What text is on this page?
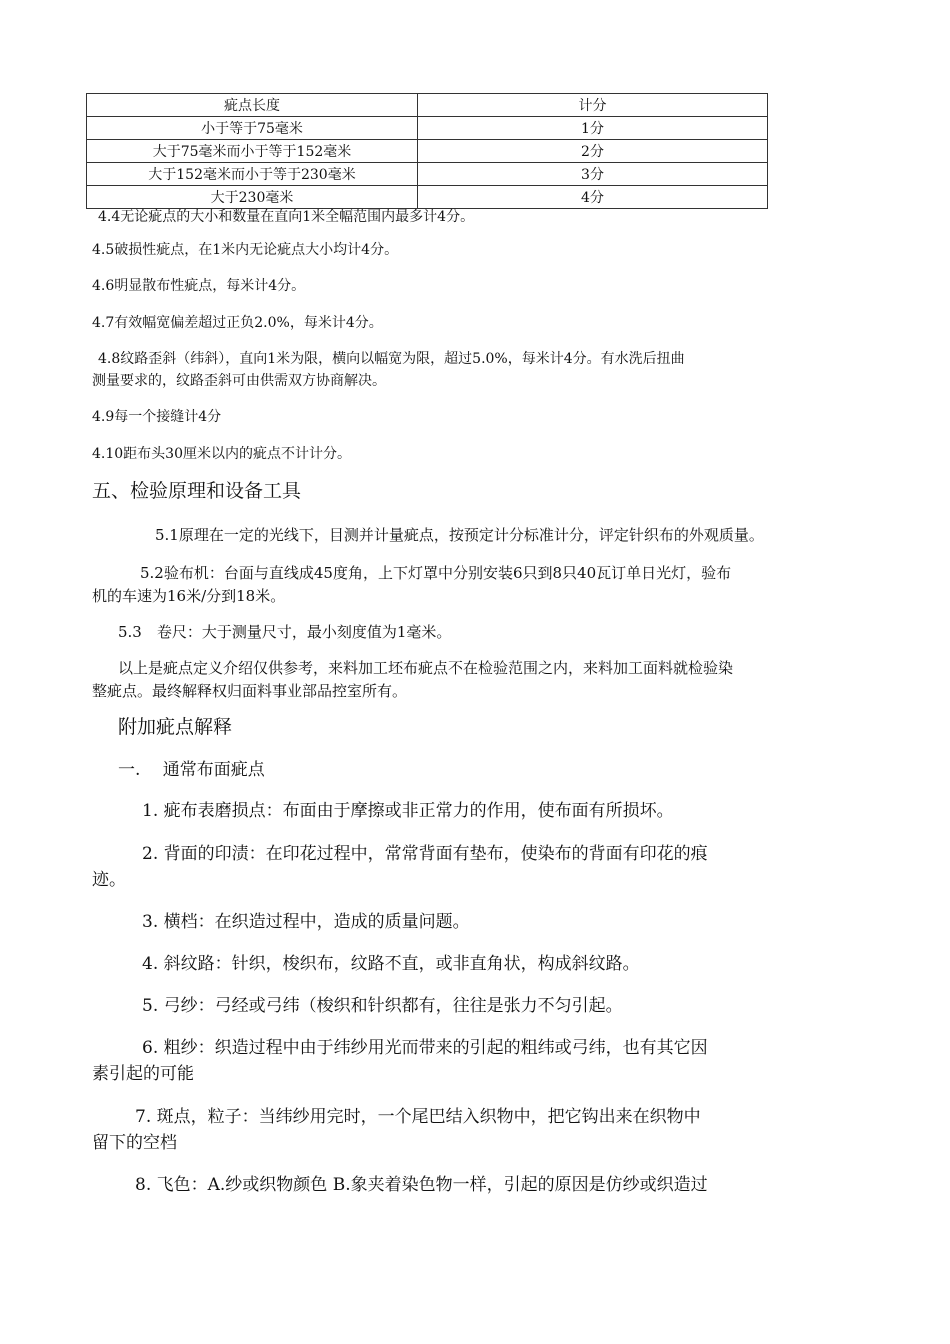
疵点长度	计分
小于等于75毫米	1分
大于75毫米而小于等于152毫米	2分
大于152毫米而小于等于230毫米	3分
大于230毫米	4分
4.4无论疵点的大小和数量在直向1米全幅范围内最多计4分。
4.5破损性疵点，在1米内无论疵点大小均计4分。
4.6明显散布性疵点，每米计4分。
4.7有效幅宽偏差超过正负2.0%，每米计4分。
4.8纹路歪斜（纬斜），直向1米为限，横向以幅宽为限，超过5.0%，每米计4分。有水洗后扭曲
测量要求的，纹路歪斜可由供需双方协商解决。
4.9每一个接缝计4分
4.10距布头30厘米以内的疵点不计计分。
五、检验原理和设备工具
5.1原理在一定的光线下，目测并计量疵点，按预定计分标准计分，评定针织布的外观质量。
5.2验布机：台面与直线成45度角，上下灯罩中分别安装6只到8只40瓦订单日光灯，验布
机的车速为16米/分到18米。
5.3　卷尺：大于测量尺寸，最小刻度值为1毫米。
以上是疵点定义介绍仅供参考，来料加工坯布疵点不在检验范围之内，来料加工面料就检验染
整疵点。最终解释权归面料事业部品控室所有。
附加疵点解释
一.　 通常布面疵点
1. 疵布表磨损点：布面由于摩擦或非正常力的作用，使布面有所损坏。
2. 背面的印渍：在印花过程中，常常背面有垫布，使染布的背面有印花的痕
迹。
3. 横档：在织造过程中，造成的质量问题。
4. 斜纹路：针织，梭织布，纹路不直，或非直角状，构成斜纹路。
5. 弓纱：弓经或弓纬（梭织和针织都有，往往是张力不匀引起。
6. 粗纱：织造过程中由于纬纱用光而带来的引起的粗纬或弓纬，也有其它因
素引起的可能
7. 斑点，粒子：当纬纱用完时，一个尾巴结入织物中，把它钩出来在织物中
留下的空档
8. 飞色：A.纱或织物颜色 B.象夹着染色物一样，引起的原因是仿纱或织造过
